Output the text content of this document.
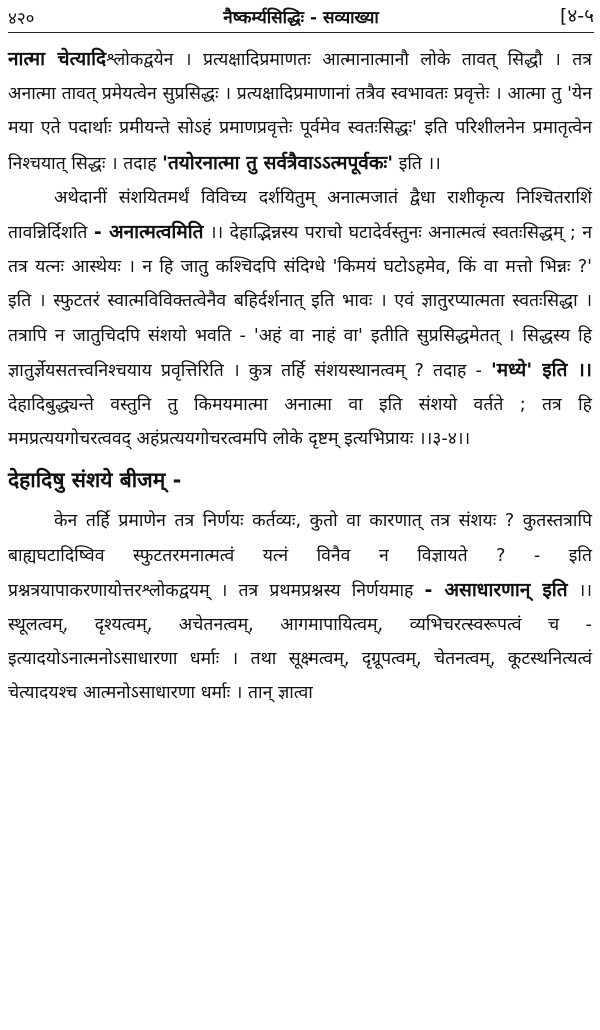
४२०	नैष्कर्म्यसिद्धिः - सव्याख्या	[४-५

नात्मा चेत्यादिश्लोकद्वयेन । प्रत्यक्षादिप्रमाणतः आत्मानात्मानौ लोके तावत् सिद्धौ । तत्र अनात्मा तावत् प्रमेयत्वेन सुप्रसिद्धः । प्रत्यक्षादिप्रमाणानां तत्रैव स्वभावतः प्रवृत्तेः । आत्मा तु 'येन मया एते पदार्थाः प्रमीयन्ते सोऽहं प्रमाणप्रवृत्तेः पूर्वमेव स्वतःसिद्धः' इति परिशीलनेन प्रमातृत्वेन निश्चयात् सिद्धः । तदाह 'तयोरनात्मा तु सर्वत्रैवाऽऽत्मपूर्वकः' इति ।।

अथेदानीं संशयितमर्थं विविच्य दर्शयितुम् अनात्मजातं द्वैधा राशीकृत्य निश्चितराशिं तावन्निर्दिशति - अनात्मत्वमिति ।। देहाद्भिन्नस्य पराचो घटादेर्वस्तुनः अनात्मत्वं स्वतःसिद्धम् ; न तत्र यत्नः आस्थेयः । न हि जातु कश्चिदपि संदिग्धे 'किमयं घटोऽहमेव, किं वा मत्तो भिन्नः ?' इति । स्फुटतरं स्वात्मविविक्तत्वेनैव बहिर्दर्शनात् इति भावः । एवं ज्ञातुरप्यात्मता स्वतःसिद्धा । तत्रापि न जातुचिदपि संशयो भवति - 'अहं वा नाहं वा' इतीति सुप्रसिद्धमेतत् । सिद्धस्य हि ज्ञातुर्ज्ञेयसतत्त्वनिश्चयाय प्रवृत्तिरिति । कुत्र तर्हि संशयस्थानत्वम् ? तदाह - 'मध्ये' इति ।। देहादिबुद्ध्यन्ते वस्तुनि तु किमयमात्मा अनात्मा वा इति संशयो वर्तते ; तत्र हि ममप्रत्ययगोचरत्ववद् अहंप्रत्ययगोचरत्वमपि लोके दृष्टम् इत्यभिप्रायः ।।३-४।।

देहादिषु संशये बीजम् -

केन तर्हि प्रमाणेन तत्र निर्णयः कर्तव्यः, कुतो वा कारणात् तत्र संशयः ? कुतस्तत्रापि बाह्यघटादिष्विव स्फुटतरमनात्मत्वं यत्नं विनैव न विज्ञायते ? - इति प्रश्नत्रयापाकरणायोत्तरश्लोकद्वयम् । तत्र प्रथमप्रश्नस्य निर्णयमाह - असाधारणान् इति ।। स्थूलत्वम्, दृश्यत्वम्, अचेतनत्वम्, आगमापायित्वम्, व्यभिचरत्स्वरूपत्वं च - इत्यादयोऽनात्मनोऽसाधारणा धर्माः । तथा सूक्ष्मत्वम्, दृग्रूपत्वम्, चेतनत्वम्, कूटस्थनित्यत्वं चेत्यादयश्च आत्मनोऽसाधारणा धर्माः । तान् ज्ञात्वा
